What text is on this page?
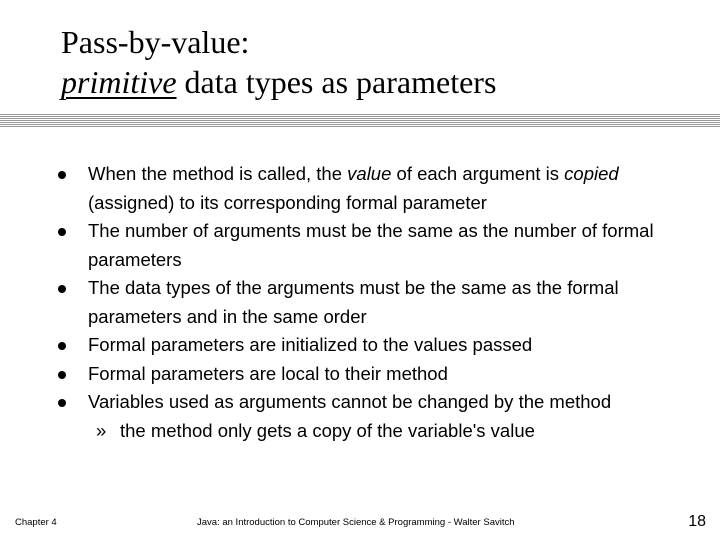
Pass-by-value:
primitive data types as parameters
When the method is called, the value of each argument is copied (assigned) to its corresponding formal parameter
The number of arguments must be the same as the number of formal parameters
The data types of the arguments must be the same as the formal parameters and in the same order
Formal parameters are initialized to the values passed
Formal parameters are local to their method
Variables used as arguments cannot be changed by the method
» the method only gets a copy of the variable's value
Chapter 4	Java: an Introduction to Computer Science & Programming - Walter Savitch	18
